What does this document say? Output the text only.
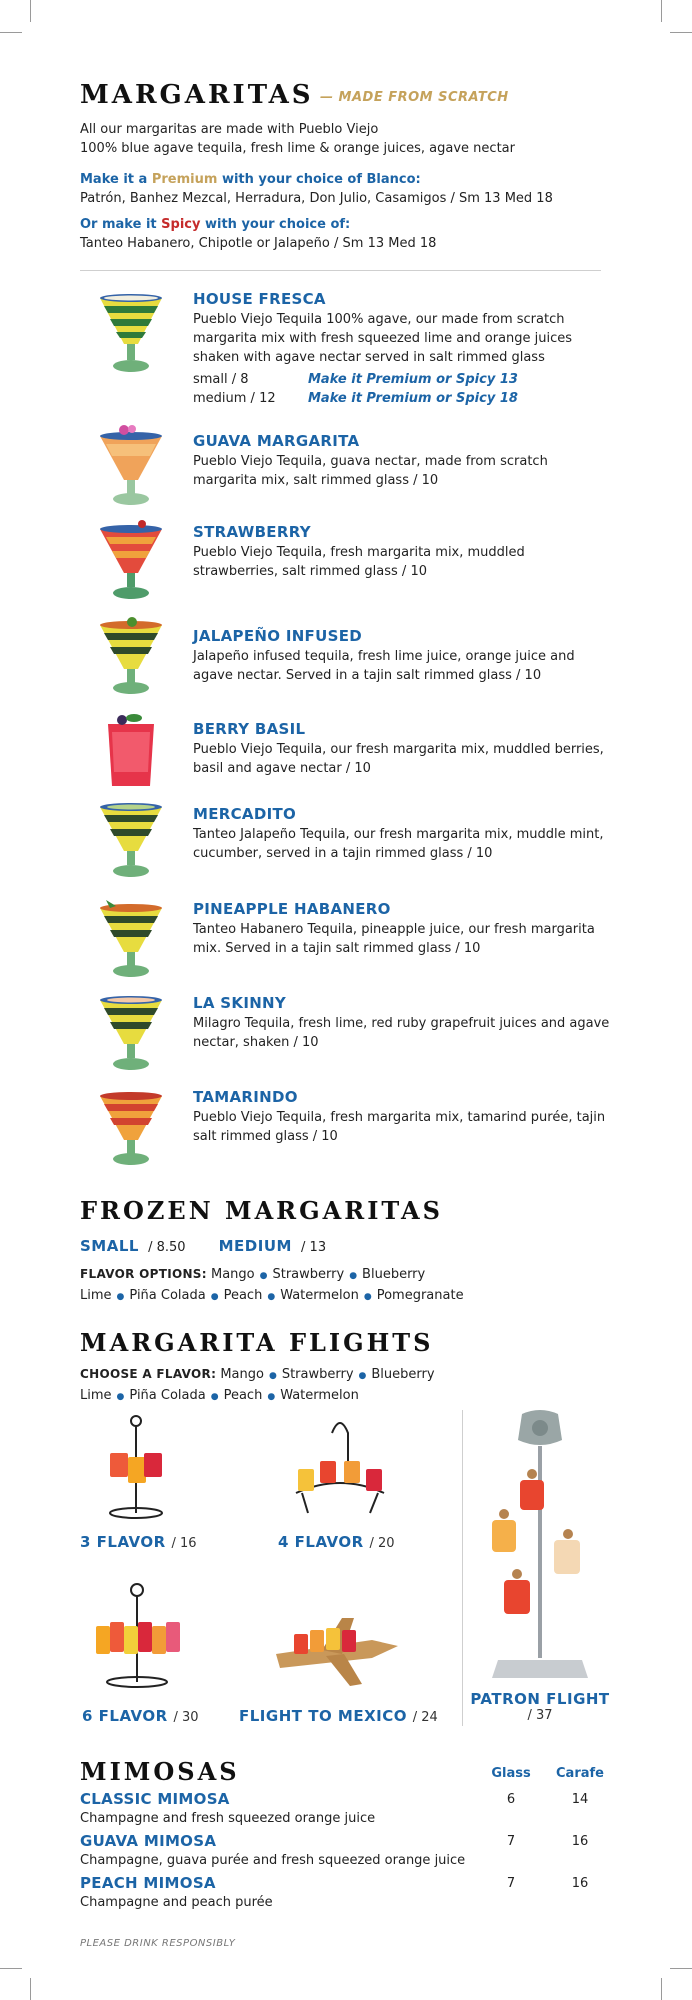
MARGARITAS — MADE FROM SCRATCH
All our margaritas are made with Pueblo Viejo
100% blue agave tequila, fresh lime & orange juices, agave nectar
Make it a Premium with your choice of Blanco:
Patrón, Banhez Mezcal, Herradura, Don Julio, Casamigos / Sm 13 Med 18
Or make it Spicy with your choice of:
Tanteo Habanero, Chipotle or Jalapeño / Sm 13 Med 18
HOUSE FRESCA
Pueblo Viejo Tequila 100% agave, our made from scratch margarita mix with fresh squeezed lime and orange juices shaken with agave nectar served in salt rimmed glass
small / 8	Make it Premium or Spicy 13
medium / 12 Make it Premium or Spicy 18
GUAVA MARGARITA
Pueblo Viejo Tequila, guava nectar, made from scratch margarita mix, salt rimmed glass / 10
STRAWBERRY
Pueblo Viejo Tequila, fresh margarita mix, muddled strawberries, salt rimmed glass / 10
JALAPEÑO INFUSED
Jalapeño infused tequila, fresh lime juice, orange juice and agave nectar. Served in a tajin salt rimmed glass / 10
BERRY BASIL
Pueblo Viejo Tequila, our fresh margarita mix, muddled berries, basil and agave nectar / 10
MERCADITO
Tanteo Jalapeño Tequila, our fresh margarita mix, muddle mint, cucumber, served in a tajin rimmed glass / 10
PINEAPPLE HABANERO
Tanteo Habanero Tequila, pineapple juice, our fresh margarita mix. Served in a tajin salt rimmed glass / 10
LA SKINNY
Milagro Tequila, fresh lime, red ruby grapefruit juices and agave nectar, shaken / 10
TAMARINDO
Pueblo Viejo Tequila, fresh margarita mix, tamarind purée, tajin salt rimmed glass / 10
FROZEN MARGARITAS
SMALL / 8.50 MEDIUM / 13
FLAVOR OPTIONS: Mango ● Strawberry ● Blueberry
Lime ● Piña Colada ● Peach ● Watermelon ● Pomegranate
MARGARITA FLIGHTS
CHOOSE A FLAVOR: Mango ● Strawberry ● Blueberry
Lime ● Piña Colada ● Peach ● Watermelon
3 FLAVOR / 16	4 FLAVOR / 20
6 FLAVOR / 30	FLIGHT TO MEXICO / 24
PATRON FLIGHT
/ 37
MIMOSAS	Glass	Carafe
CLASSIC MIMOSA
Champagne and fresh squeezed orange juice
6	14
GUAVA MIMOSA
Champagne, guava purée and fresh squeezed orange juice
7	16
PEACH MIMOSA
Champagne and peach purée
7	16
PLEASE DRINK RESPONSIBLY
